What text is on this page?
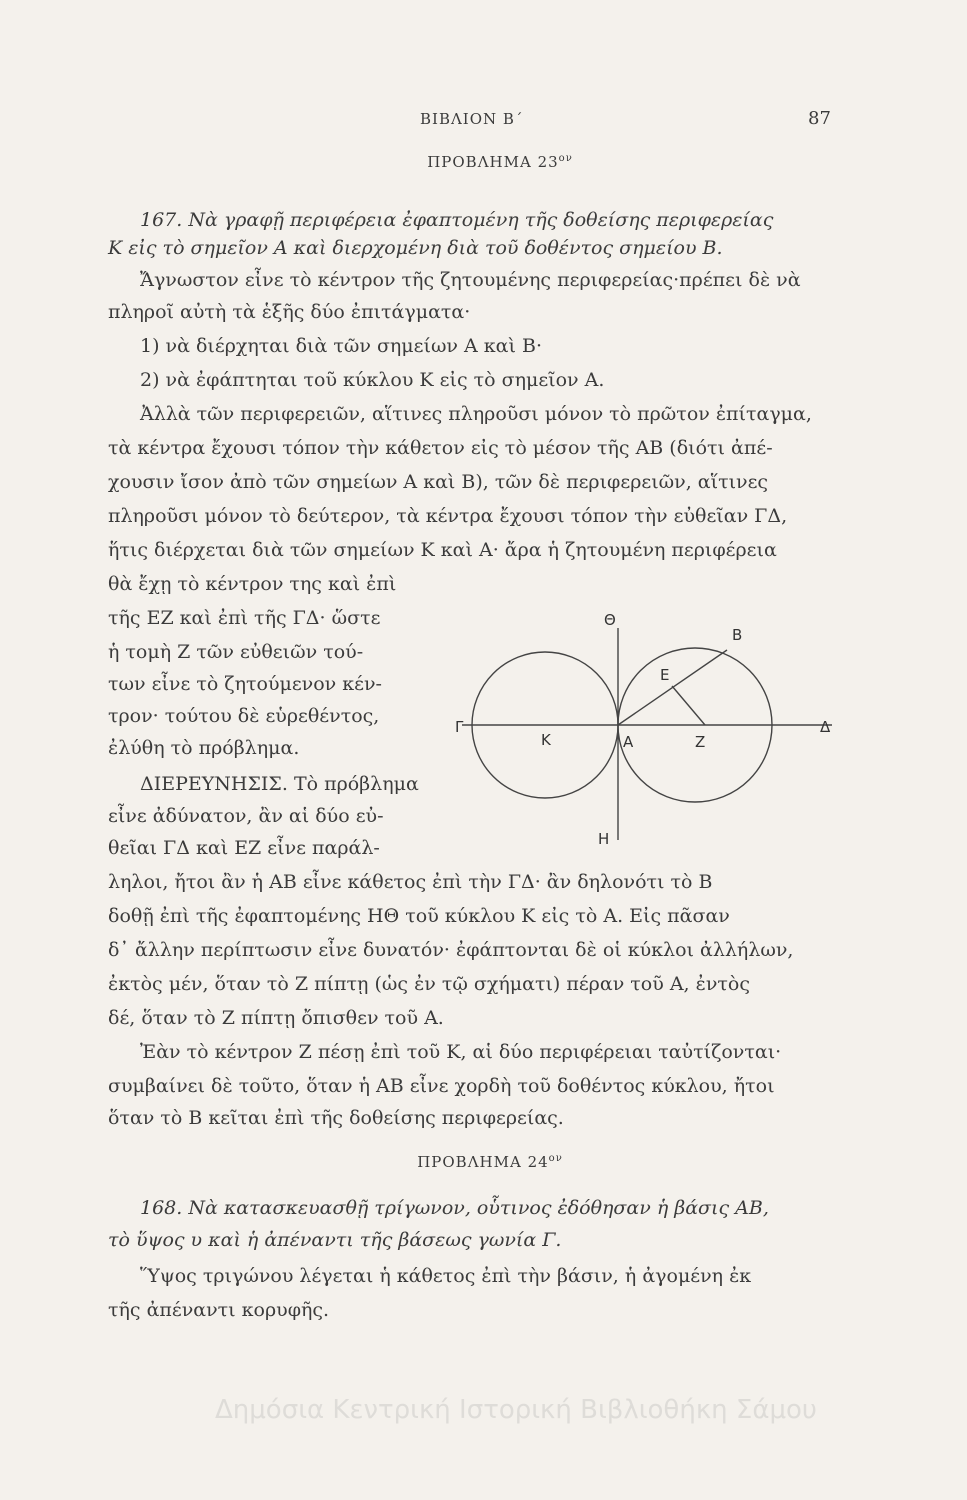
ΒΙΒΛΙΟΝ Β΄	87
ΠΡΟΒΛΗΜΑ $23^{o\nu}$
167. Νὰ γραφῇ περιφέρεια ἐφαπτομένη τῆς δοθείσης περιφερείας
Κ εἰς τὸ σημεῖον Α καὶ διερχομένη διὰ τοῦ δοθέντος σημείου Β.
Ἄγνωστον εἶνε τὸ κέντρον τῆς ζητουμένης περιφερείας·πρέπει δὲ νὰ
πληροῖ αὐτὴ τὰ ἑξῆς δύο ἐπιτάγματα·
1) νὰ διέρχηται διὰ τῶν σημείων Α καὶ Β·
2) νὰ ἐφάπτηται τοῦ κύκλου Κ εἰς τὸ σημεῖον Α.
Ἀλλὰ τῶν περιφερειῶν, αἵτινες πληροῦσι μόνον τὸ πρῶτον ἐπίταγμα,
τὰ κέντρα ἔχουσι τόπον τὴν κάθετον εἰς τὸ μέσον τῆς ΑΒ (διότι ἀπέ-
χουσιν ἴσον ἀπὸ τῶν σημείων Α καὶ Β), τῶν δὲ περιφερειῶν, αἵτινες
πληροῦσι μόνον τὸ δεύτερον, τὰ κέντρα ἔχουσι τόπον τὴν εὐθεῖαν ΓΔ,
ἥτις διέρχεται διὰ τῶν σημείων Κ καὶ Α· ἄρα ἡ ζητουμένη περιφέρεια
θὰ ἔχῃ τὸ κέντρον της καὶ ἐπὶ
τῆς ΕΖ καὶ ἐπὶ τῆς ΓΔ· ὥστε
ἡ τομὴ Ζ τῶν εὐθειῶν τού-
των εἶνε τὸ ζητούμενον κέν-
τρον· τούτου δὲ εὑρεθέντος,
ἐλύθη τὸ πρόβλημα.
ΔΙΕΡΕΥΝΗΣΙΣ. Τὸ πρόβλημα
εἶνε ἀδύνατον, ἂν αἱ δύο εὐ-
θεῖαι ΓΔ καὶ ΕΖ εἶνε παράλ-
ληλοι, ἤτοι ἂν ἡ ΑΒ εἶνε κάθετος ἐπὶ τὴν ΓΔ· ἂν δηλονότι τὸ Β
δοθῇ ἐπὶ τῆς ἐφαπτομένης ΗΘ τοῦ κύκλου Κ εἰς τὸ Α. Εἰς πᾶσαν
δ᾽ ἄλλην περίπτωσιν εἶνε δυνατόν· ἐφάπτονται δὲ οἱ κύκλοι ἀλλήλων,
ἐκτὸς μέν, ὅταν τὸ Ζ πίπτῃ (ὡς ἐν τῷ σχήματι) πέραν τοῦ Α, ἐντὸς
δέ, ὅταν τὸ Ζ πίπτῃ ὄπισθεν τοῦ Α.
Ἐὰν τὸ κέντρον Ζ πέσῃ ἐπὶ τοῦ Κ, αἱ δύο περιφέρειαι ταὐτίζονται·
συμβαίνει δὲ τοῦτο, ὅταν ἡ ΑΒ εἶνε χορδὴ τοῦ δοθέντος κύκλου, ἤτοι
ὅταν τὸ Β κεῖται ἐπὶ τῆς δοθείσης περιφερείας.
ΠΡΟΒΛΗΜΑ $24^{o\nu}$
168. Νὰ κατασκευασθῇ τρίγωνον, οὗτινος ἐδόθησαν ἡ βάσις ΑΒ,
τὸ ὕψος υ καὶ ἡ ἀπέναντι τῆς βάσεως γωνία Γ.
Ὕψος τριγώνου λέγεται ἡ κάθετος ἐπὶ τὴν βάσιν, ἡ ἀγομένη ἐκ
τῆς ἀπέναντι κορυφῆς.
Θ
Β
Ε
Γ
Κ	Α	Ζ
Δ
Η
Δημόσια Κεντρική Ιστορική Βιβλιοθήκη Σάμου
